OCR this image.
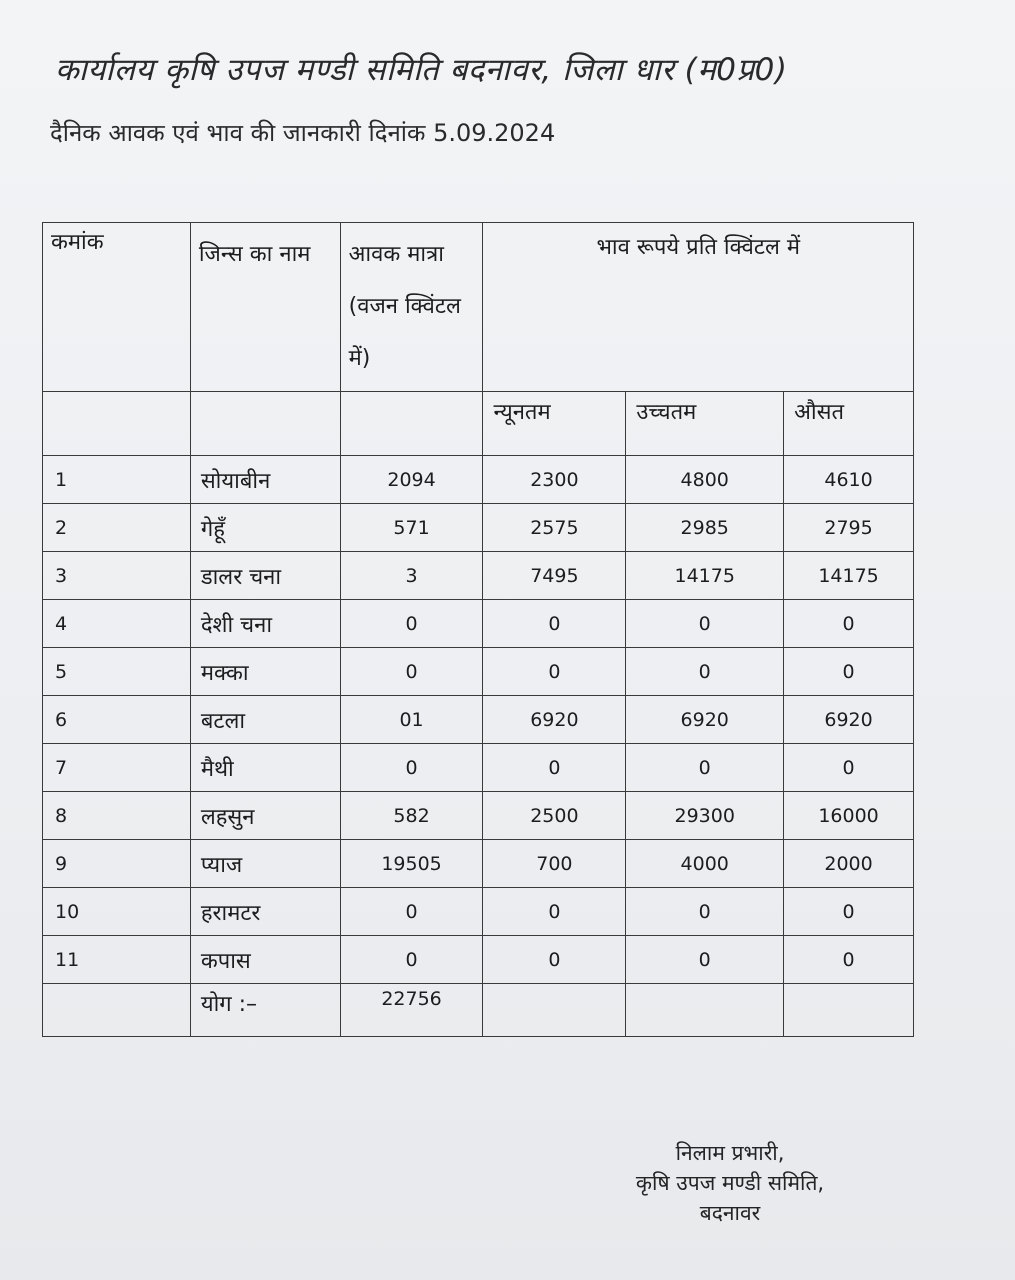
कार्यालय कृषि उपज मण्डी समिति बदनावर, जिला धार (म0प्र0)
दैनिक आवक एवं भाव की जानकारी दिनांक 5.09.2024
कमांक	जिन्स का नाम	आवक मात्रा (वजन क्विंटल में)	भाव रूपये प्रति क्विंटल में		
			न्यूनतम	उच्चतम	औसत
1	सोयाबीन	2094	2300	4800	4610
2	गेहूँ	571	2575	2985	2795
3	डालर चना	3	7495	14175	14175
4	देशी चना	0	0	0	0
5	मक्का	0	0	0	0
6	बटला	01	6920	6920	6920
7	मैथी	0	0	0	0
8	लहसुन	582	2500	29300	16000
9	प्याज	19505	700	4000	2000
10	हरामटर	0	0	0	0
11	कपास	0	0	0	0
	योग :–	22756			
निलाम प्रभारी,
कृषि उपज मण्डी समिति,
बदनावर
